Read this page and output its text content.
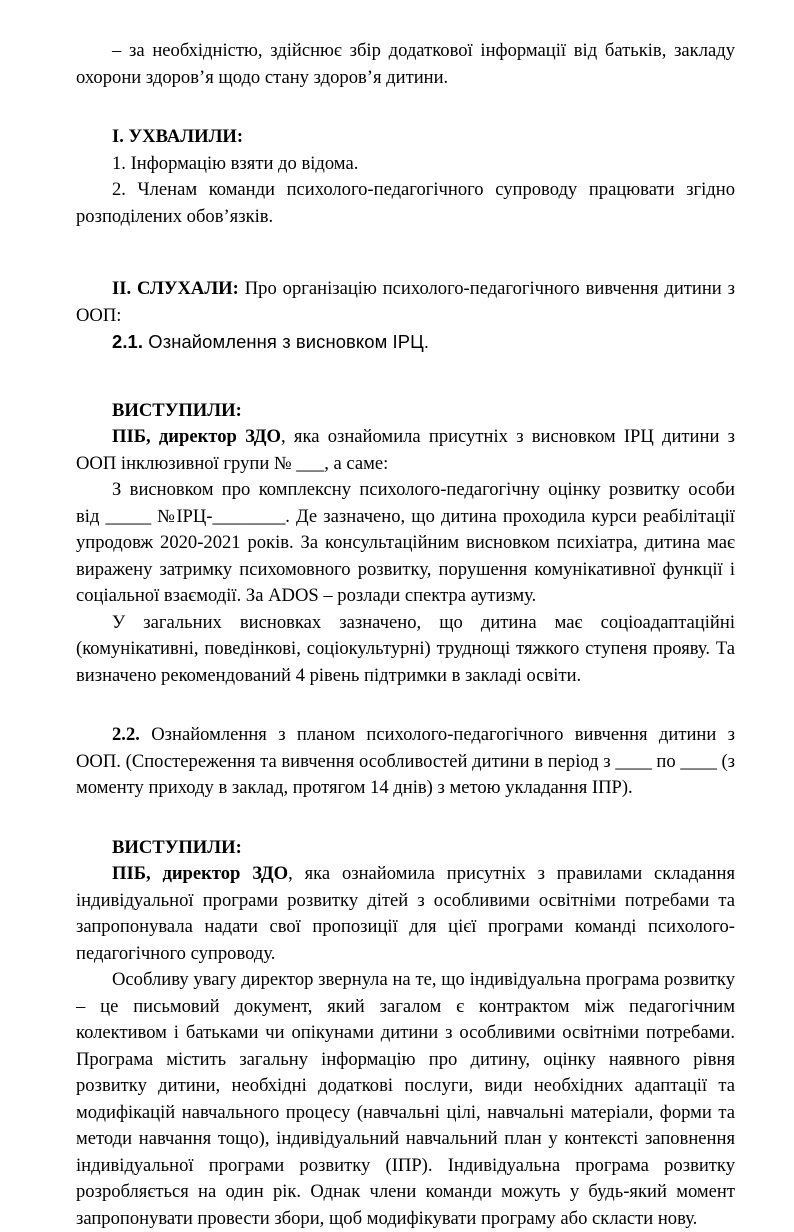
– за необхідністю, здійснює збір додаткової інформації від батьків, закладу охорони здоров’я щодо стану здоров’я дитини.

I. УХВАЛИЛИ:

1. Інформацію взяти до відома.

2. Членам команди психолого-педагогічного супроводу працювати згідно розподілених обов’язків.

II. СЛУХАЛИ: Про організацію психолого-педагогічного вивчення дитини з ООП:

2.1. Ознайомлення з висновком ІРЦ.

ВИСТУПИЛИ:

ПІБ, директор ЗДО, яка ознайомила присутніх з висновком ІРЦ дитини з ООП інклюзивної групи № ___, а саме:

З висновком про комплексну психолого-педагогічну оцінку розвитку особи від _____ №ІРЦ-________. Де зазначено, що дитина проходила курси реабілітації упродовж 2020-2021 років. За консультаційним висновком психіатра, дитина має виражену затримку психомовного розвитку, порушення комунікативної функції і соціальної взаємодії. За ADOS – розлади спектра аутизму.

У загальних висновках зазначено, що дитина має соціоадаптаційні (комунікативні, поведінкові, соціокультурні) труднощі тяжкого ступеня прояву. Та визначено рекомендований 4 рівень підтримки в закладі освіти.

2.2. Ознайомлення з планом психолого-педагогічного вивчення дитини з ООП. (Спостереження та вивчення особливостей дитини в період з ____ по ____ (з моменту приходу в заклад, протягом 14 днів) з метою укладання ІПР).

ВИСТУПИЛИ:

ПІБ, директор ЗДО, яка ознайомила присутніх з правилами складання індивідуальної програми розвитку дітей з особливими освітніми потребами та запропонувала надати свої пропозиції для цієї програми команді психолого-педагогічного супроводу.

Особливу увагу директор звернула на те, що індивідуальна програма розвитку – це письмовий документ, який загалом є контрактом між педагогічним колективом і батьками чи опікунами дитини з особливими освітніми потребами. Програма містить загальну інформацію про дитину, оцінку наявного рівня розвитку дитини, необхідні додаткові послуги, види необхідних адаптації та модифікацій навчального процесу (навчальні цілі, навчальні матеріали, форми та методи навчання тощо), індивідуальний навчальний план у контексті заповнення індивідуальної програми розвитку (ІПР). Індивідуальна програма розвитку розробляється на один рік. Однак члени команди можуть у будь-який момент запропонувати провести збори, щоб модифікувати програму або скласти нову.
